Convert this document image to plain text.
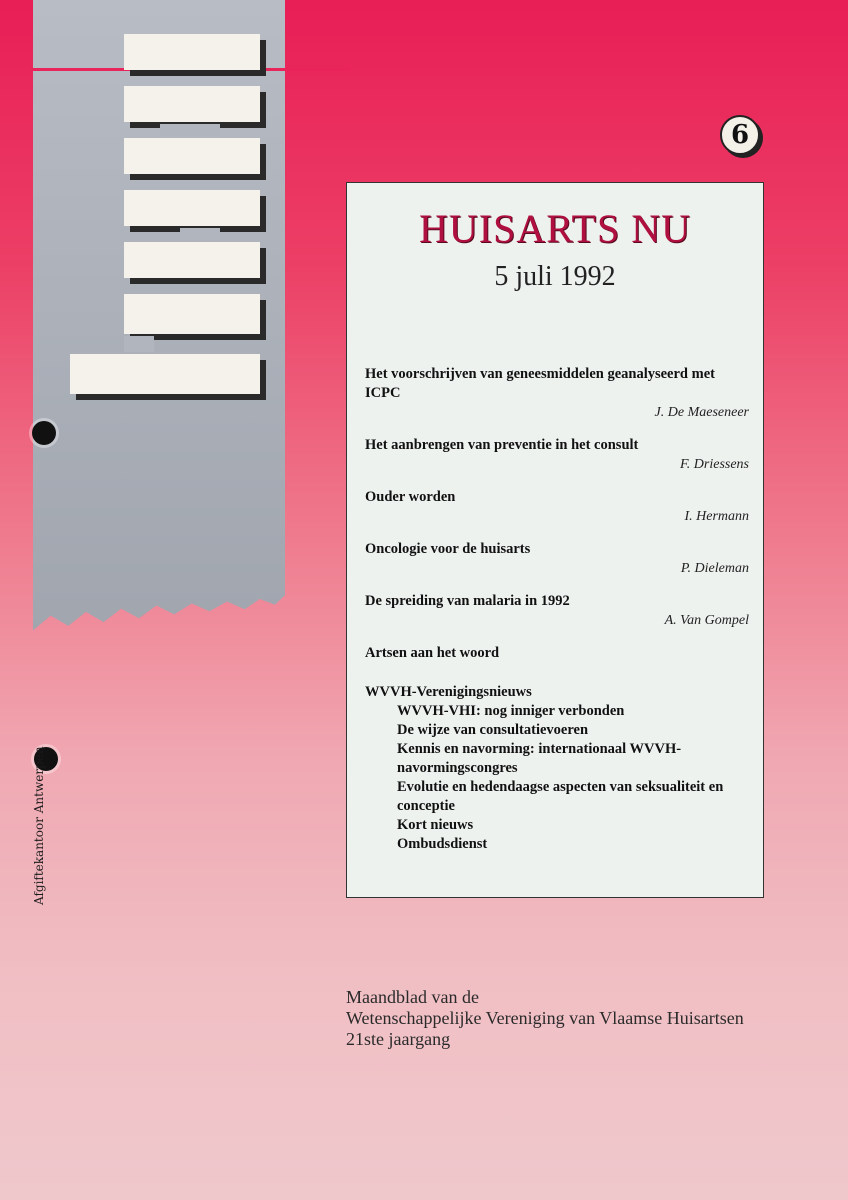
Afgiftekantoor Antwerpen
6
HUISARTS NU
5 juli 1992
Het voorschrijven van geneesmiddelen geanalyseerd met ICPC
J. De Maeseneer
Het aanbrengen van preventie in het consult
F. Driessens
Ouder worden
I. Hermann
Oncologie voor de huisarts
P. Dieleman
De spreiding van malaria in 1992
A. Van Gompel
Artsen aan het woord
WVVH-Verenigingsnieuws
WVVH-VHI: nog inniger verbonden
De wijze van consultatievoeren
Kennis en navorming: internationaal WVVH-navormingscongres
Evolutie en hedendaagse aspecten van seksualiteit en conceptie
Kort nieuws
Ombudsdienst
Maandblad van de
Wetenschappelijke Vereniging van Vlaamse Huisartsen
21ste jaargang
